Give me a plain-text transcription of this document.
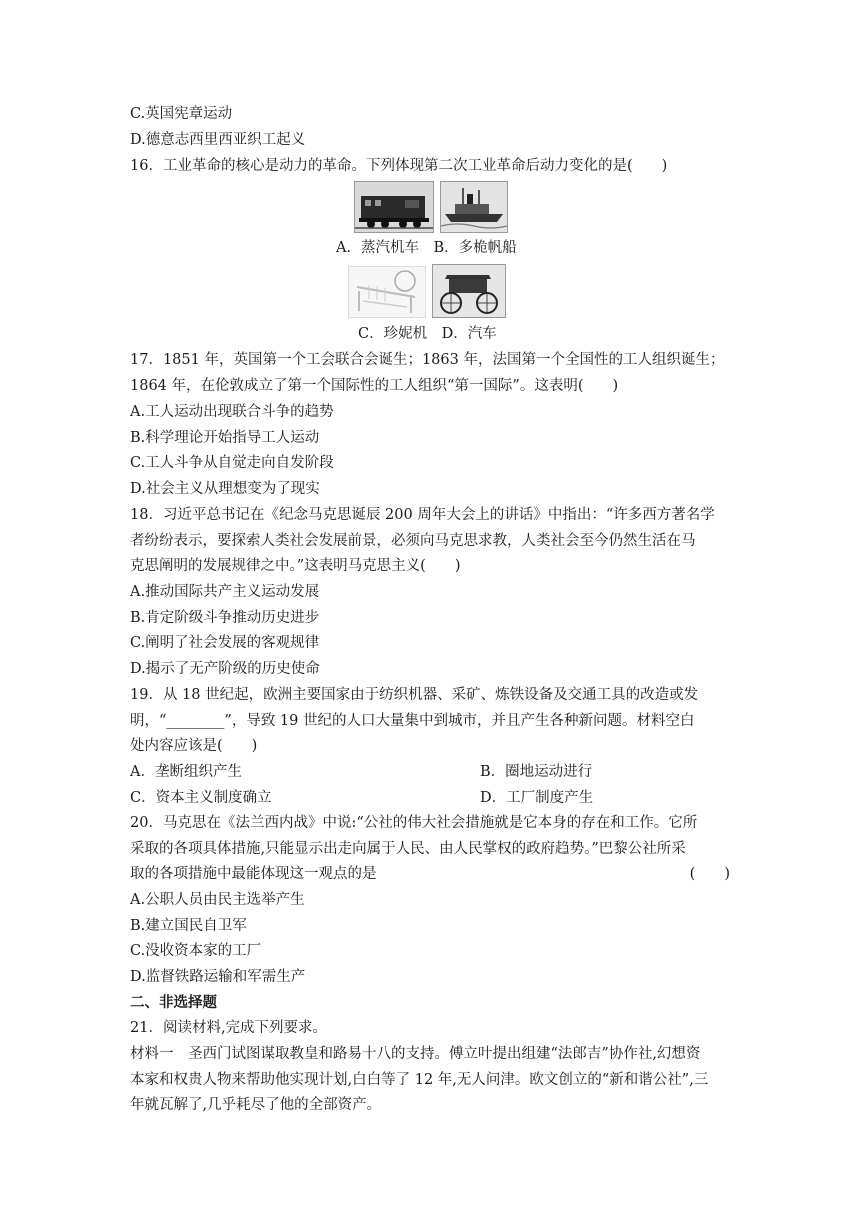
C.英国宪章运动
D.德意志西里西亚织工起义
16．工业革命的核心是动力的革命。下列体现第二次工业革命后动力变化的是(　　)
A．蒸汽机车　B．多桅帆船
C．珍妮机　D．汽车
17．1851 年，英国第一个工会联合会诞生；1863 年，法国第一个全国性的工人组织诞生；
1864 年，在伦敦成立了第一个国际性的工人组织“第一国际”。这表明(　　)
A.工人运动出现联合斗争的趋势
B.科学理论开始指导工人运动
C.工人斗争从自觉走向自发阶段
D.社会主义从理想变为了现实
18．习近平总书记在《纪念马克思诞辰 200 周年大会上的讲话》中指出：“许多西方著名学
者纷纷表示，要探索人类社会发展前景，必须向马克思求教，人类社会至今仍然生活在马
克思阐明的发展规律之中。”这表明马克思主义(　　)
A.推动国际共产主义运动发展
B.肯定阶级斗争推动历史进步
C.阐明了社会发展的客观规律
D.揭示了无产阶级的历史使命
19．从 18 世纪起，欧洲主要国家由于纺织机器、采矿、炼铁设备及交通工具的改造或发
明，“________”，导致 19 世纪的人口大量集中到城市，并且产生各种新问题。材料空白
处内容应该是(　　)
A．垄断组织产生	B．圈地运动进行
C．资本主义制度确立	D．工厂制度产生
20．马克思在《法兰西内战》中说:“公社的伟大社会措施就是它本身的存在和工作。它所
采取的各项具体措施,只能显示出走向属于人民、由人民掌权的政府趋势。”巴黎公社所采
取的各项措施中最能体现这一观点的是	(　　)
A.公职人员由民主选举产生
B.建立国民自卫军
C.没收资本家的工厂
D.监督铁路运输和军需生产
二、非选择题
21．阅读材料,完成下列要求。
材料一　圣西门试图谋取教皇和路易十八的支持。傅立叶提出组建“法郎吉”协作社,幻想资
本家和权贵人物来帮助他实现计划,白白等了 12 年,无人问津。欧文创立的“新和谐公社”,三
年就瓦解了,几乎耗尽了他的全部资产。
